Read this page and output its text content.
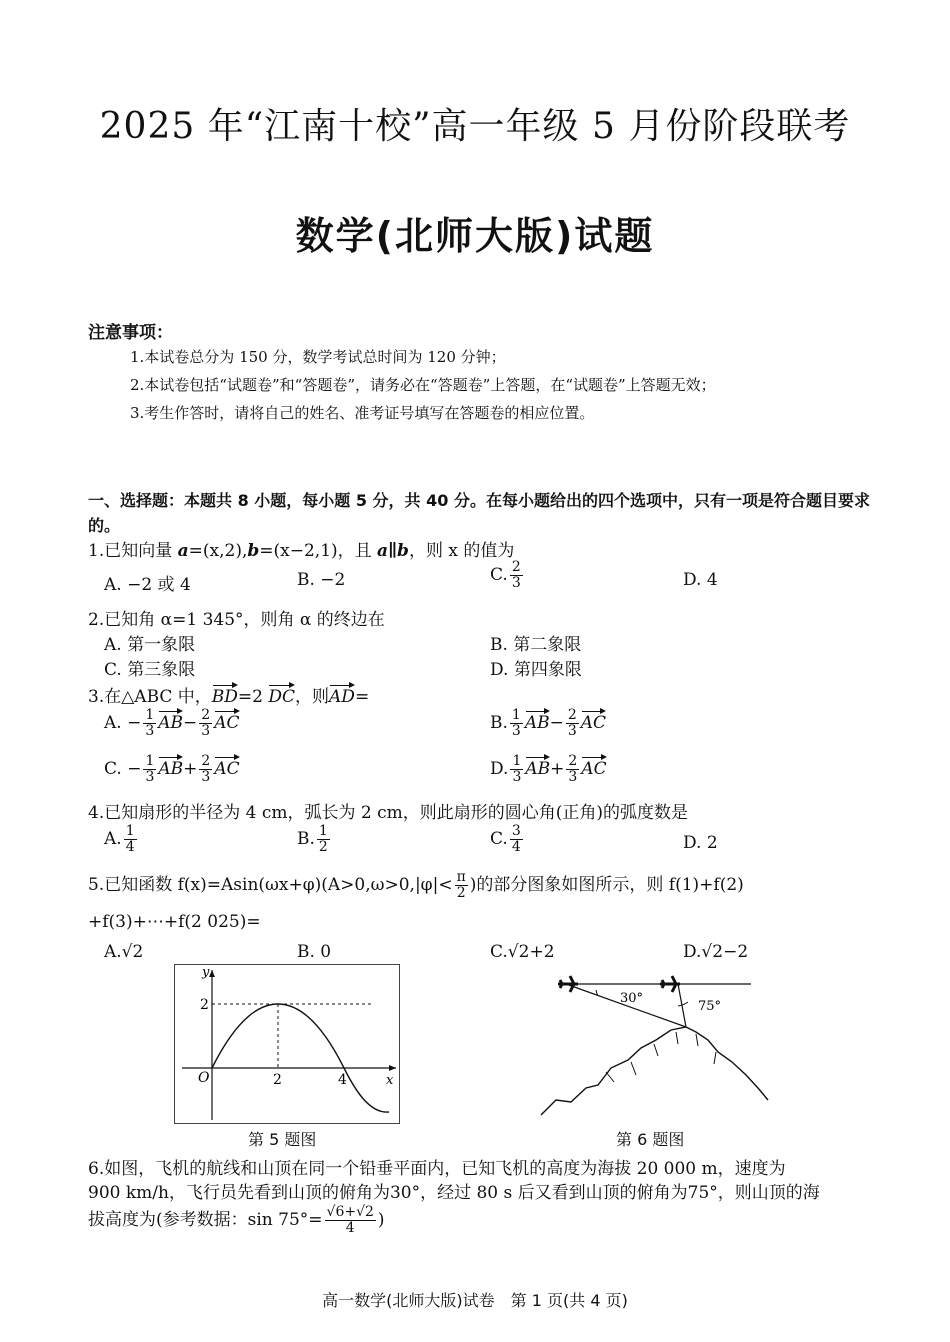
2025 年“江南十校”高一年级 5 月份阶段联考
数学(北师大版)试题
注意事项：
1.本试卷总分为 150 分，数学考试总时间为 120 分钟；
2.本试卷包括“试题卷”和“答题卷”，请务必在“答题卷”上答题，在“试题卷”上答题无效；
3.考生作答时，请将自己的姓名、准考证号填写在答题卷的相应位置。
一、选择题：本题共 8 小题，每小题 5 分，共 40 分。在每小题给出的四个选项中，只有一项是符合题目要求的。
1.已知向量 a=(x,2),b=(x−2,1)，且 a∥b，则 x 的值为
A. −2 或 4	B. −2	C. $\frac{2}{3}$	D. 4
2.已知角 α=1 345°，则角 α 的终边在
A. 第一象限	B. 第二象限
C. 第三象限	D. 第四象限
3.在△ABC 中，BD=2 DC，则AD=
A. − $\frac{1}{3} AB- \frac{2}{3}$ AC	B. $\frac{1}{3} AB- \frac{2}{3}$ AC
C. − $\frac{1}{3} AB+ \frac{2}{3}$ AC	D. $\frac{1}{3} AB+ \frac{2}{3}$ AC
4.已知扇形的半径为 4 cm，弧长为 2 cm，则此扇形的圆心角(正角)的弧度数是
A. $\frac{1}{4}$	B. $\frac{1}{2}$	C. $\frac{3}{4}$	D. 2
5.已知函数 $f(x)=Asin(\omega x+\varphi)(A>0,\omega>0,|\varphi|< \frac{\pi}{2}$ )的部分图象如图所示，则 f(1)+f(2)
+f(3)+⋯+f(2 025)=
A.√2	B. 0	C.√2+2	D.√2−2
y
x
O
2
2	4
第 5 题图
30°
75°
第 6 题图
6.如图，飞机的航线和山顶在同一个铅垂平面内，已知飞机的高度为海拔 20 000 m，速度为
900 km/h，飞行员先看到山顶的俯角为30°，经过 80 s 后又看到山顶的俯角为75°，则山顶的海
拔高度为(参考数据：$\sin 75^\circ= \frac{√6+√2}{4}$ )
高一数学(北师大版)试卷　第 1 页(共 4 页)
